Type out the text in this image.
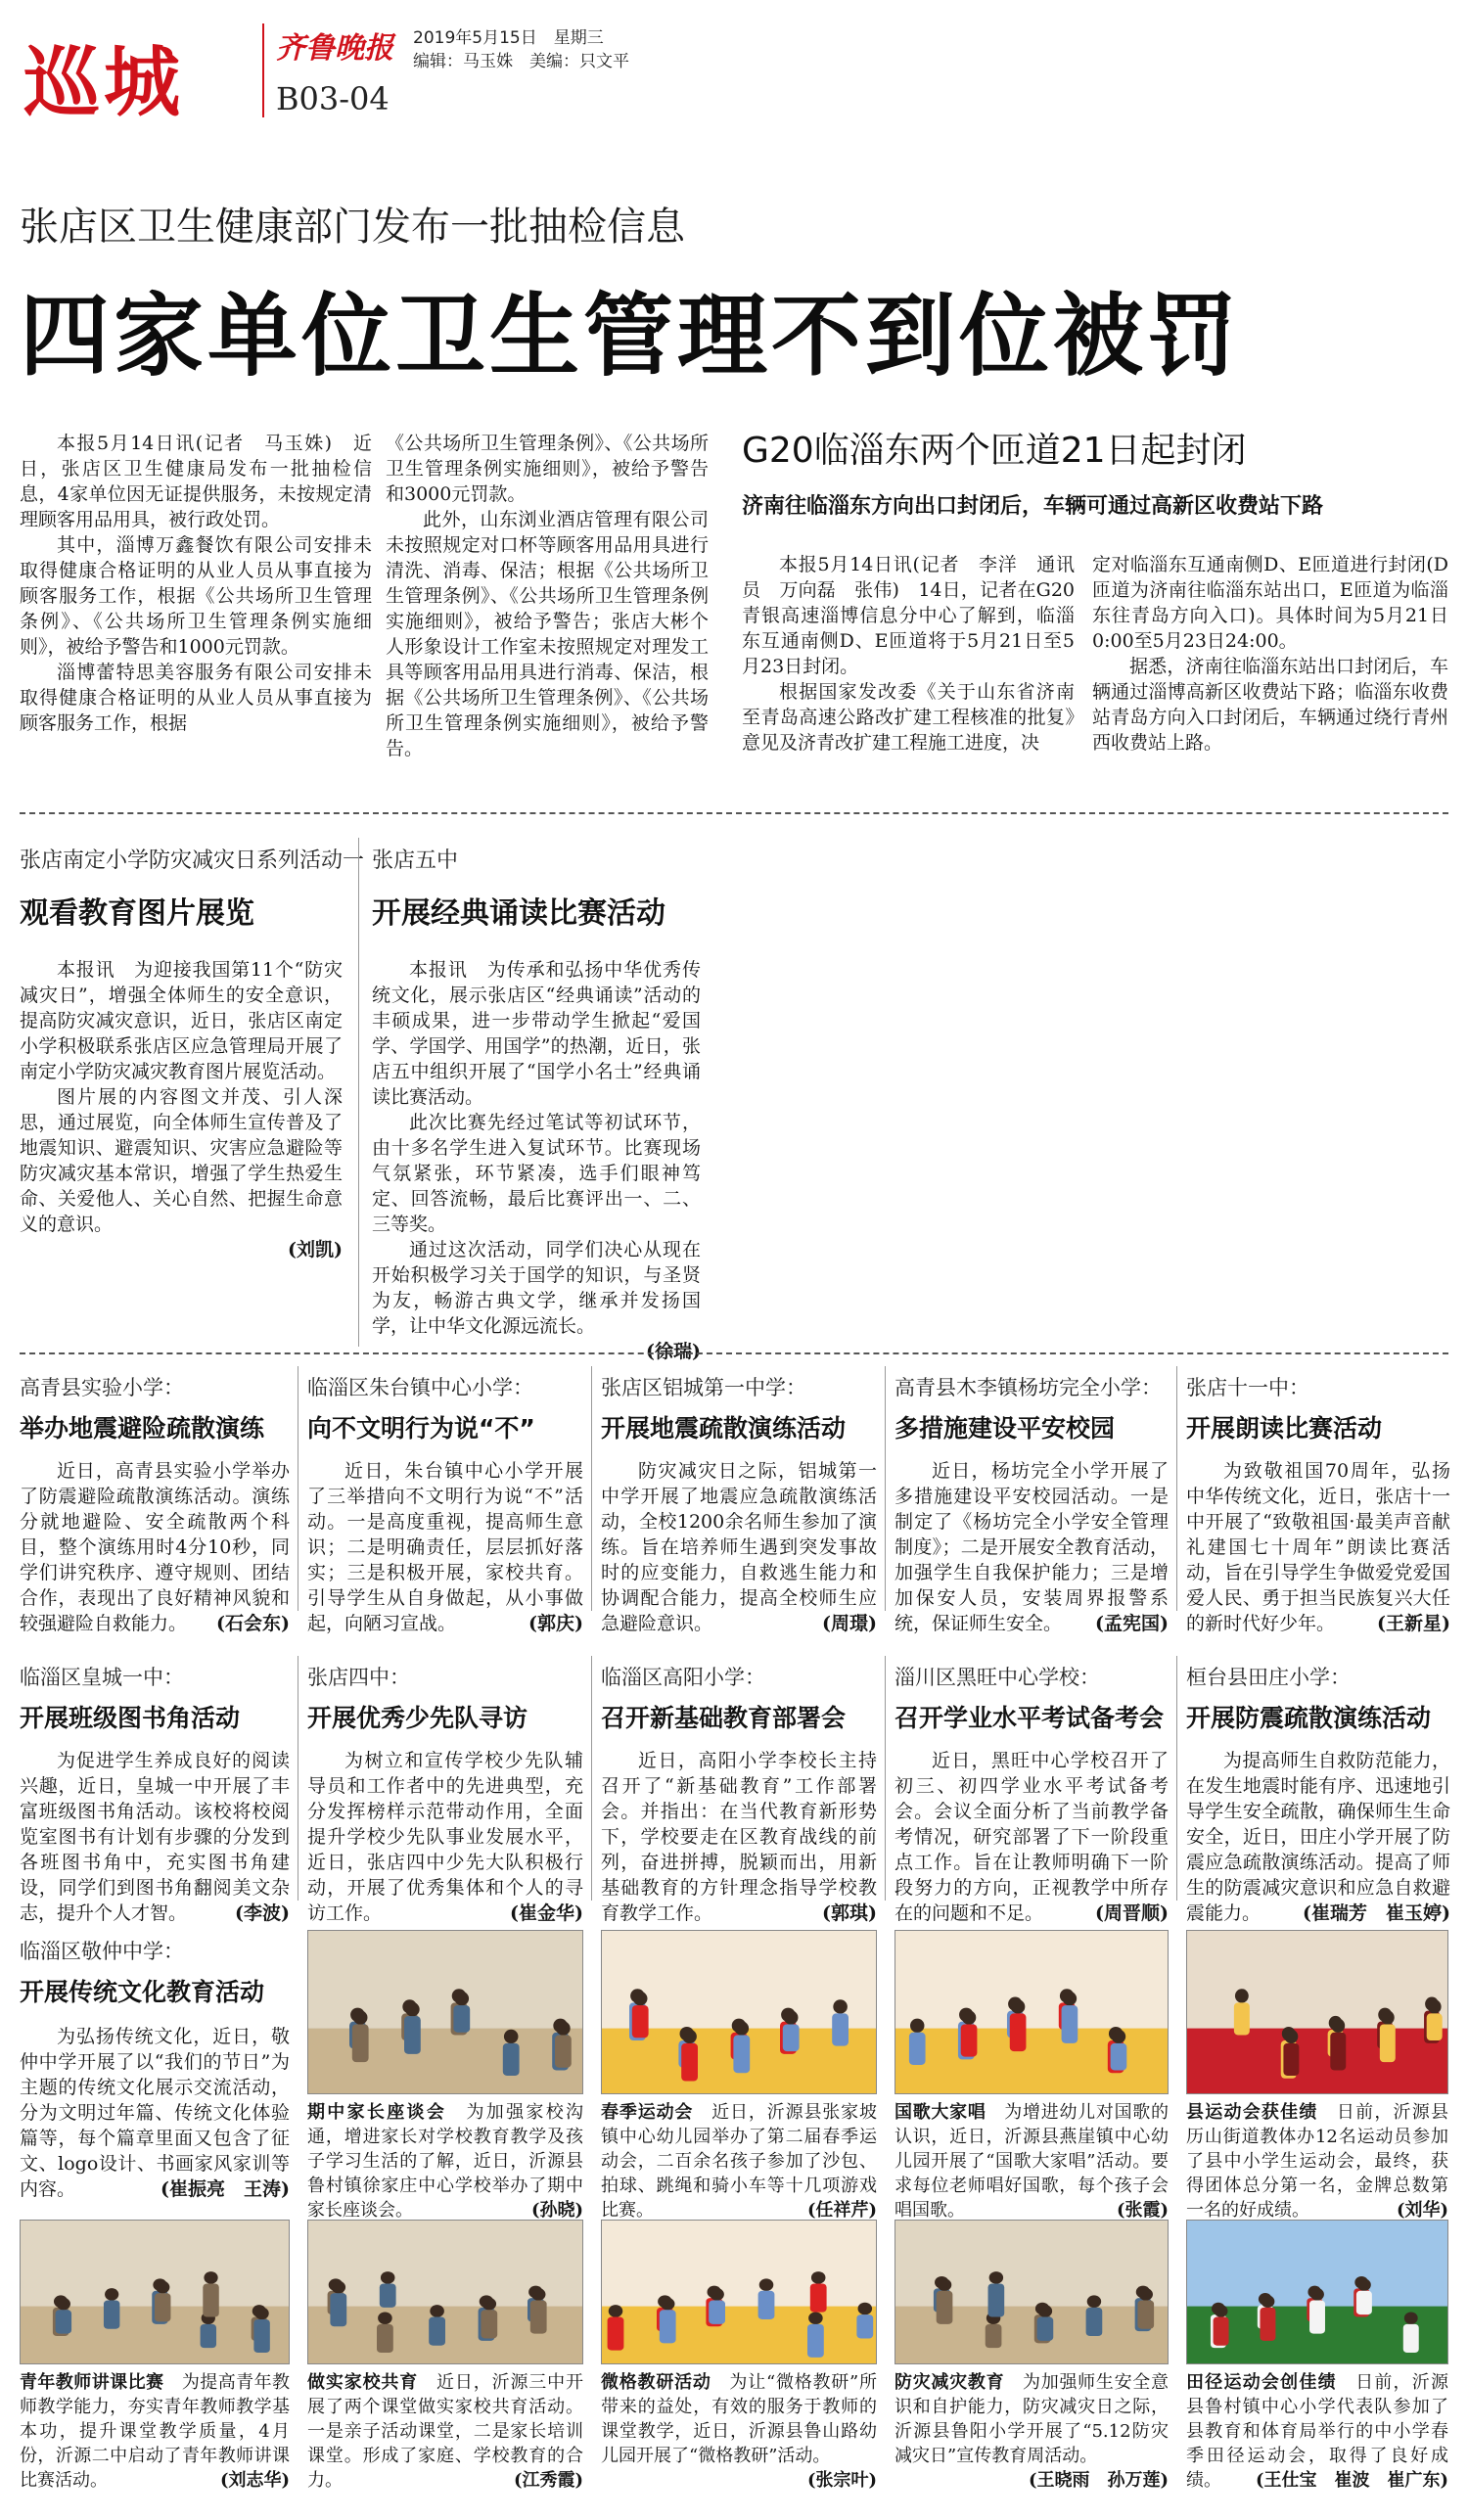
巡城	齐鲁晚报 2019年5月15日　星期三
编辑：马玉姝　美编：只文平
B03-04
张店区卫生健康部门发布一批抽检信息
四家单位卫生管理不到位被罚

本报5月14日讯(记者　马玉姝)　近日，张店区卫生健康局发布一批抽检信息，4家单位因无证提供服务，未按规定清理顾客用品用具，被行政处罚。

其中，淄博万鑫餐饮有限公司安排未取得健康合格证明的从业人员从事直接为顾客服务工作，根据《公共场所卫生管理条例》、《公共场所卫生管理条例实施细则》，被给予警告和1000元罚款。

淄博蕾特思美容服务有限公司安排未取得健康合格证明的从业人员从事直接为顾客服务工作，根据

《公共场所卫生管理条例》、《公共场所卫生管理条例实施细则》，被给予警告和3000元罚款。

此外，山东浏业酒店管理有限公司未按照规定对口杯等顾客用品用具进行清洗、消毒、保洁；根据《公共场所卫生管理条例》、《公共场所卫生管理条例实施细则》，被给予警告；张店大彬个人形象设计工作室未按照规定对理发工具等顾客用品用具进行消毒、保洁，根据《公共场所卫生管理条例》、《公共场所卫生管理条例实施细则》，被给予警告。

G20临淄东两个匝道21日起封闭
济南往临淄东方向出口封闭后，车辆可通过高新区收费站下路

本报5月14日讯(记者　李洋　通讯员　万向磊　张伟)　14日，记者在G20青银高速淄博信息分中心了解到，临淄东互通南侧D、E匝道将于5月21日至5月23日封闭。

根据国家发改委《关于山东省济南至青岛高速公路改扩建工程核准的批复》意见及济青改扩建工程施工进度，决

定对临淄东互通南侧D、E匝道进行封闭(D匝道为济南往临淄东站出口，E匝道为临淄东往青岛方向入口)。具体时间为5月21日0:00至5月23日24:00。

据悉，济南往临淄东站出口封闭后，车辆通过淄博高新区收费站下路；临淄东收费站青岛方向入口封闭后，车辆通过绕行青州西收费站上路。

张店南定小学防灾减灾日系列活动一
观看教育图片展览

本报讯　为迎接我国第11个“防灾减灾日”，增强全体师生的安全意识，提高防灾减灾意识，近日，张店区南定小学积极联系张店区应急管理局开展了南定小学防灾减灾教育图片展览活动。

图片展的内容图文并茂、引人深思，通过展览，向全体师生宣传普及了地震知识、避震知识、灾害应急避险等防灾减灾基本常识，增强了学生热爱生命、关爱他人、关心自然、把握生命意义的意识。

(刘凯)

张店五中
开展经典诵读比赛活动

本报讯　为传承和弘扬中华优秀传统文化，展示张店区“经典诵读”活动的丰硕成果，进一步带动学生掀起“爱国学、学国学、用国学”的热潮，近日，张店五中组织开展了“国学小名士”经典诵读比赛活动。

此次比赛先经过笔试等初试环节，由十多名学生进入复试环节。比赛现场气氛紧张，环节紧凑，选手们眼神笃定、回答流畅，最后比赛评出一、二、三等奖。

通过这次活动，同学们决心从现在开始积极学习关于国学的知识，与圣贤为友，畅游古典文学，继承并发扬国学，让中华文化源远流长。

(徐瑞)

高青县实验小学：
举办地震避险疏散演练

近日，高青县实验小学举办了防震避险疏散演练活动。演练分就地避险、安全疏散两个科目，整个演练用时4分10秒，同学们讲究秩序、遵守规则、团结合作，表现出了良好精神风貌和较强避险自救能力。 (石会东)

临淄区朱台镇中心小学：
向不文明行为说“不”

近日，朱台镇中心小学开展了三举措向不文明行为说“不”活动。一是高度重视，提高师生意识；二是明确责任，层层抓好落实；三是积极开展，家校共育。引导学生从自身做起，从小事做起，向陋习宣战。	(郭庆)

张店区铝城第一中学：
开展地震疏散演练活动

防灾减灾日之际，铝城第一中学开展了地震应急疏散演练活动，全校1200余名师生参加了演练。旨在培养师生遇到突发事故时的应变能力，自救逃生能力和协调配合能力，提高全校师生应急避险意识。	(周璟)

高青县木李镇杨坊完全小学：
多措施建设平安校园

近日，杨坊完全小学开展了多措施建设平安校园活动。一是制定了《杨坊完全小学安全管理制度》；二是开展安全教育活动，加强学生自我保护能力；三是增加保安人员，安装周界报警系统，保证师生安全。 (孟宪国)

张店十一中：
开展朗读比赛活动

为致敬祖国70周年，弘扬中华传统文化，近日，张店十一中开展了“致敬祖国·最美声音献礼建国七十周年”朗读比赛活动，旨在引导学生争做爱党爱国爱人民、勇于担当民族复兴大任的新时代好少年。 (王新星)

临淄区皇城一中：
开展班级图书角活动

为促进学生养成良好的阅读兴趣，近日，皇城一中开展了丰富班级图书角活动。该校将校阅览室图书有计划有步骤的分发到各班图书角中，充实图书角建设，同学们到图书角翻阅美文杂志，提升个人才智。	(李波)

张店四中：
开展优秀少先队寻访

为树立和宣传学校少先队辅导员和工作者中的先进典型，充分发挥榜样示范带动作用，全面提升学校少先队事业发展水平，近日，张店四中少先大队积极行动，开展了优秀集体和个人的寻访工作。	(崔金华)

临淄区高阳小学：
召开新基础教育部署会

近日，高阳小学李校长主持召开了“新基础教育”工作部署会。并指出：在当代教育新形势下，学校要走在区教育战线的前列，奋进拼搏，脱颖而出，用新基础教育的方针理念指导学校教育教学工作。	(郭琪)

淄川区黑旺中心学校：
召开学业水平考试备考会

近日，黑旺中心学校召开了初三、初四学业水平考试备考会。会议全面分析了当前教学备考情况，研究部署了下一阶段重点工作。旨在让教师明确下一阶段努力的方向，正视教学中所存在的问题和不足。	(周晋顺)

桓台县田庄小学：
开展防震疏散演练活动

为提高师生自救防范能力，在发生地震时能有序、迅速地引导学生安全疏散，确保师生生命安全，近日，田庄小学开展了防震应急疏散演练活动。提高了师生的防震减灾意识和应急自救避震能力。 (崔瑞芳　崔玉婷)

临淄区敬仲中学：
开展传统文化教育活动

为弘扬传统文化，近日，敬仲中学开展了以“我们的节日”为主题的传统文化展示交流活动，分为文明过年篇、传统文化体验篇等，每个篇章里面又包含了征文、logo设计、书画家风家训等内容。	(崔振亮　王涛)

期中家长座谈会　 为加强家校沟通，增进家长对学校教育教学及孩子学习生活的了解，近日，沂源县鲁村镇徐家庄中心学校举办了期中家长座谈会。	(孙晓)
春季运动会　 近日，沂源县张家坡镇中心幼儿园举办了第二届春季运动会，二百余名孩子参加了沙包、拍球、跳绳和骑小车等十几项游戏比赛。	(任祥芹)
国歌大家唱　 为增进幼儿对国歌的认识，近日，沂源县燕崖镇中心幼儿园开展了“国歌大家唱”活动。要求每位老师唱好国歌，每个孩子会唱国歌。	(张霞)
县运动会获佳绩　 日前，沂源县历山街道教体办12名运动员参加了县中小学生运动会，最终，获得团体总分第一名，金牌总数第一名的好成绩。	(刘华)
青年教师讲课比赛　 为提高青年教师教学能力，夯实青年教师教学基本功，提升课堂教学质量，4月份，沂源二中启动了青年教师讲课比赛活动。	(刘志华)
做实家校共育　 近日，沂源三中开展了两个课堂做实家校共育活动。一是亲子活动课堂，二是家长培训课堂。形成了家庭、学校教育的合力。	(江秀霞)
微格教研活动　 为让“微格教研”所带来的益处，有效的服务于教师的课堂教学，近日，沂源县鲁山路幼儿园开展了“微格教研”活动。
(张宗叶)
防灾减灾教育　 为加强师生安全意识和自护能力，防灾减灾日之际，沂源县鲁阳小学开展了“5.12防灾减灾日”宣传教育周活动。
(王晓雨　孙万莲)
田径运动会创佳绩　 日前，沂源县鲁村镇中心小学代表队参加了县教育和体育局举行的中小学春季田径运动会，取得了良好成绩。 (王仕宝　崔波　崔广东)
